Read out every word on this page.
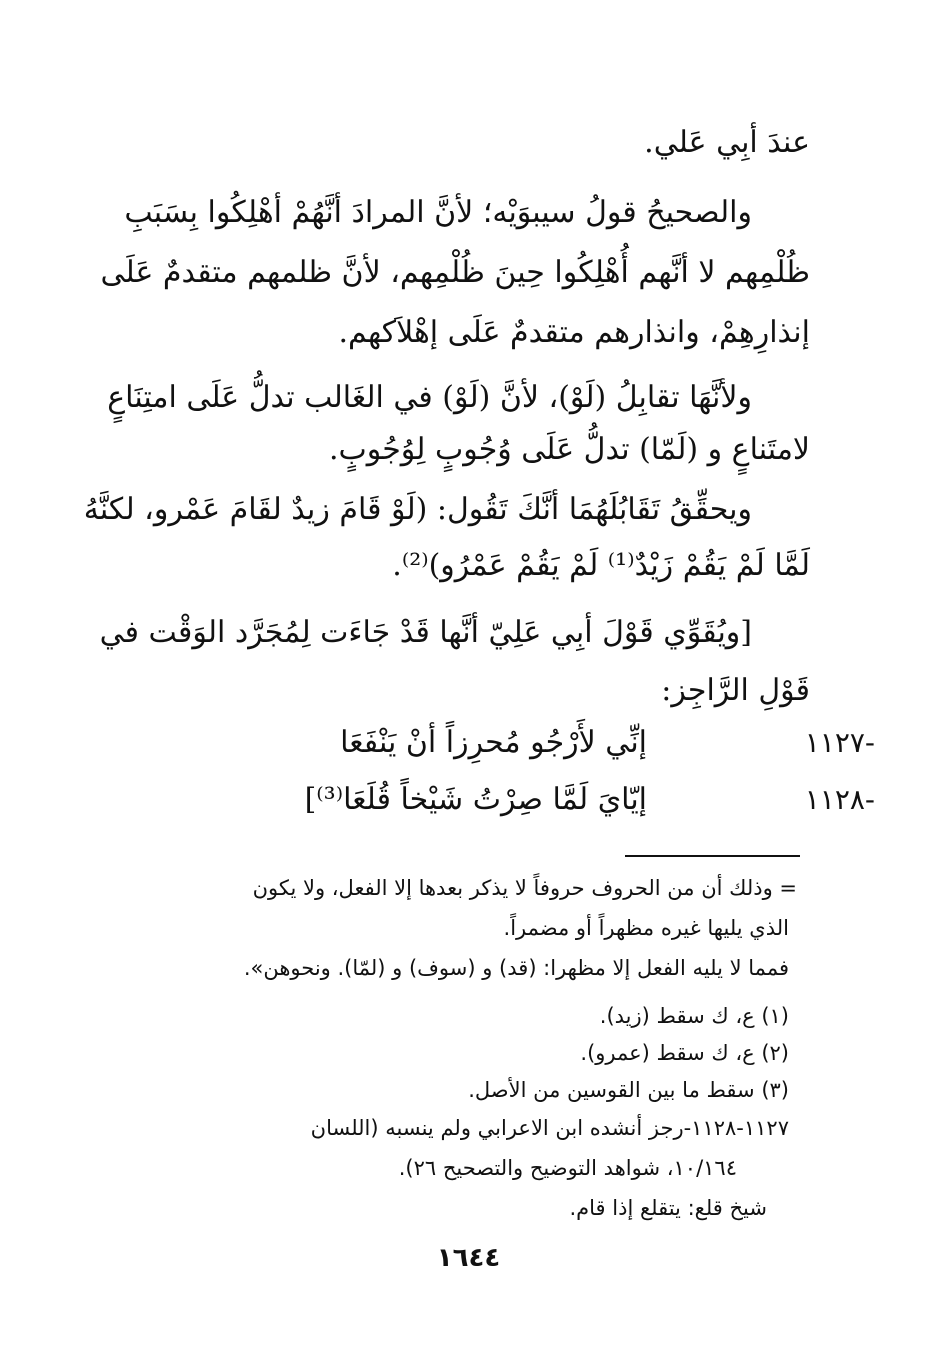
عندَ أبِي عَلي.
والصحيحُ قولُ سيبوَيْه؛ لأنَّ المرادَ أنَّهُمْ أهْلِكُوا بِسَبَبِ
ظُلْمِهم لا أنَّهم أُهْلِكُوا حِينَ ظُلْمِهم، لأنَّ ظلمهم متقدمٌ عَلَى
إنذارِهِمْ، وانذارهم متقدمٌ عَلَى إهْلاَكهم.
ولأنَّهَا تقابِلُ (لَوْ)، لأنَّ (لَوْ) في الغَالب تدلُّ عَلَى امتِنَاعٍ
لامتَناعٍ و (لَمّا) تدلُّ عَلَى وُجُوبٍ لِوُجُوبٍ.
ويحقِّقُ تَقَابُلَهُمَا أنَّكَ تَقُول: (لَوْ قَامَ زيدٌ لقَامَ عَمْرو، لكنَّهُ
لَمَّا لَمْ يَقُمْ زَيْدٌ⁽¹⁾ لَمْ يَقُمْ عَمْرُو)⁽²⁾.
[ويُقَوِّي قَوْلَ أبِي عَلِيّ أنَّها قَدْ جَاءَت لِمُجَرَّد الوَقْت في
قَوْلِ الرَّاجِز:
-١١٢٧
إنِّي لأَرْجُو مُحرِزاً أنْ يَنْفَعَا
-١١٢٨
إيّايَ لَمَّا صِرْتُ شَيْخاً قُلَعَا⁽³⁾]
= وذلك أن من الحروف حروفاً لا يذكر بعدها إلا الفعل، ولا يكون
الذي يليها غيره مظهراً أو مضمراً.
فمما لا يليه الفعل إلا مظهرا: (قد) و (سوف) و (لمّا). ونحوهن».
(١) ع، ك سقط (زيد).
(٢) ع، ك سقط (عمرو).
(٣) سقط ما بين القوسين من الأصل.
١١٢٧-١١٢٨-رجز أنشده ابن الاعرابي ولم ينسبه (اللسان
١٠/١٦٤، شواهد التوضيح والتصحيح ٢٦).
شيخ قلع: يتقلع إذا قام.
١٦٤٤
